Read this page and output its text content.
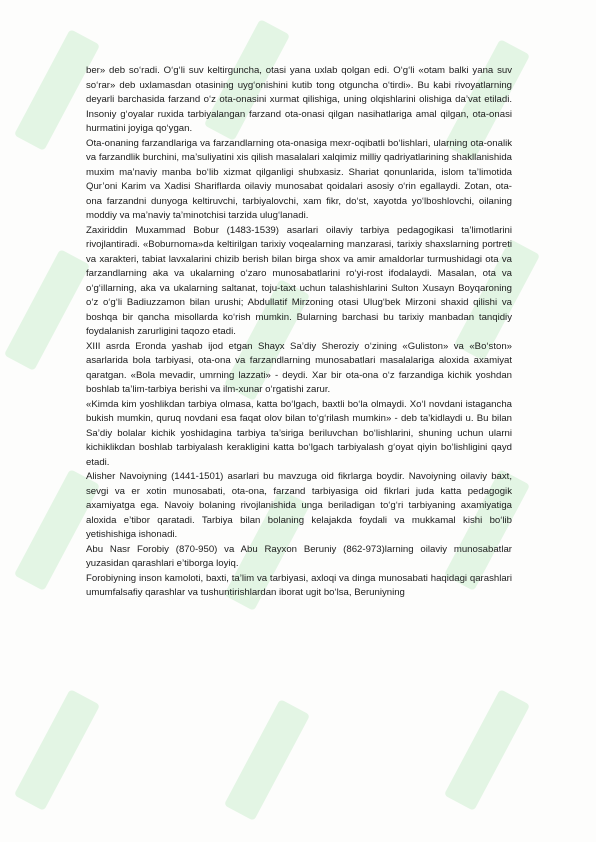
ber» deb so‘radi. O‘g‘li suv keltirguncha, otasi yana uxlab qolgan edi. O‘g‘li «otam balki yana suv so‘rar» deb uxlamasdan otasining uyg‘onishini kutib tong otguncha o‘tirdi». Bu kabi rivoyatlarning deyarli barchasida farzand o‘z ota-onasini xurmat qilishiga, uning olqishlarini olishiga da’vat etiladi. Insoniy g‘oyalar ruxida tarbiyalangan farzand ota-onasi qilgan nasihatlariga amal qilgan, ota-onasi hurmatini joyiga qo‘ygan.

Ota-onaning farzandlariga va farzandlarning ota-onasiga mexr-oqibatli bo‘lishlari, ularning ota-onalik va farzandlik burchini, ma’suliyatini xis qilish masalalari xalqimiz milliy qadriyatlarining shakllanishida muxim ma’naviy manba bo‘lib xizmat qilganligi shubxasiz. Shariat qonunlarida, islom ta’limotida Qur’oni Karim va Xadisi Shariflarda oilaviy munosabat qoidalari asosiy o‘rin egallaydi. Zotan, ota-ona farzandni dunyoga keltiruvchi, tarbiyalovchi, xam fikr, do‘st, xayotda yo‘lboshlovchi, oilaning moddiy va ma’naviy ta’minotchisi tarzida ulug‘lanadi.

Zaxiriddin Muxammad Bobur (1483-1539) asarlari oilaviy tarbiya pedagogikasi ta’limotlarini rivojlantiradi. «Boburnoma»da keltirilgan tarixiy voqealarning manzarasi, tarixiy shaxslarning portreti va xarakteri, tabiat lavxalarini chizib berish bilan birga shox va amir amaldorlar turmushidagi ota va farzandlarning aka va ukalarning o‘zaro munosabatlarini ro‘yi-rost ifodalaydi. Masalan, ota va o‘g‘illarning, aka va ukalarning saltanat, toju-taxt uchun talashishlarini Sulton Xusayn Boyqaroning o‘z o‘g‘li Badiuzzamon bilan urushi; Abdullatif Mirzoning otasi Ulug‘bek Mirzoni shaxid qilishi va boshqa bir qancha misollarda ko‘rish mumkin. Bularning barchasi bu tarixiy manbadan tanqidiy foydalanish zarurligini taqozo etadi.

XIII asrda Eronda yashab ijod etgan Shayx Sa’diy Sheroziy o‘zining «Guliston» va «Bo‘ston» asarlarida bola tarbiyasi, ota-ona va farzandlarning munosabatlari masalalariga aloxida axamiyat qaratgan. «Bola mevadir, umrning lazzati» - deydi. Xar bir ota-ona o‘z farzandiga kichik yoshdan boshlab ta’lim-tarbiya berishi va ilm-xunar o‘rgatishi zarur.

«Kimda kim yoshlikdan tarbiya olmasa, katta bo‘lgach, baxtli bo‘la olmaydi. Xo‘l novdani istagancha bukish mumkin, quruq novdani esa faqat olov bilan to‘g‘rilash mumkin» - deb ta’kidlaydi u. Bu bilan Sa’diy bolalar kichik yoshidagina tarbiya ta’siriga beriluvchan bo‘lishlarini, shuning uchun ularni kichiklikdan boshlab tarbiyalash kerakligini katta bo‘lgach tarbiyalash g‘oyat qiyin bo‘lishligini qayd etadi.

Alisher Navoiyning (1441-1501) asarlari bu mavzuga oid fikrlarga boydir. Navoiyning oilaviy baxt, sevgi va er xotin munosabati, ota-ona, farzand tarbiyasiga oid fikrlari juda katta pedagogik axamiyatga ega. Navoiy bolaning rivojlanishida unga beriladigan to‘g‘ri tarbiyaning axamiyatiga aloxida e’tibor qaratadi. Tarbiya bilan bolaning kelajakda foydali va mukkamal kishi bo‘lib yetishishiga ishonadi.

Abu Nasr Forobiy (870-950) va Abu Rayxon Beruniy (862-973)larning oilaviy munosabatlar yuzasidan qarashlari e’tiborga loyiq.

Forobiyning inson kamoloti, baxti, ta’lim va tarbiyasi, axloqi va dinga munosabati haqidagi qarashlari umumfalsafiy qarashlar va tushuntirishlardan iborat ugit bo‘lsa, Beruniyning
